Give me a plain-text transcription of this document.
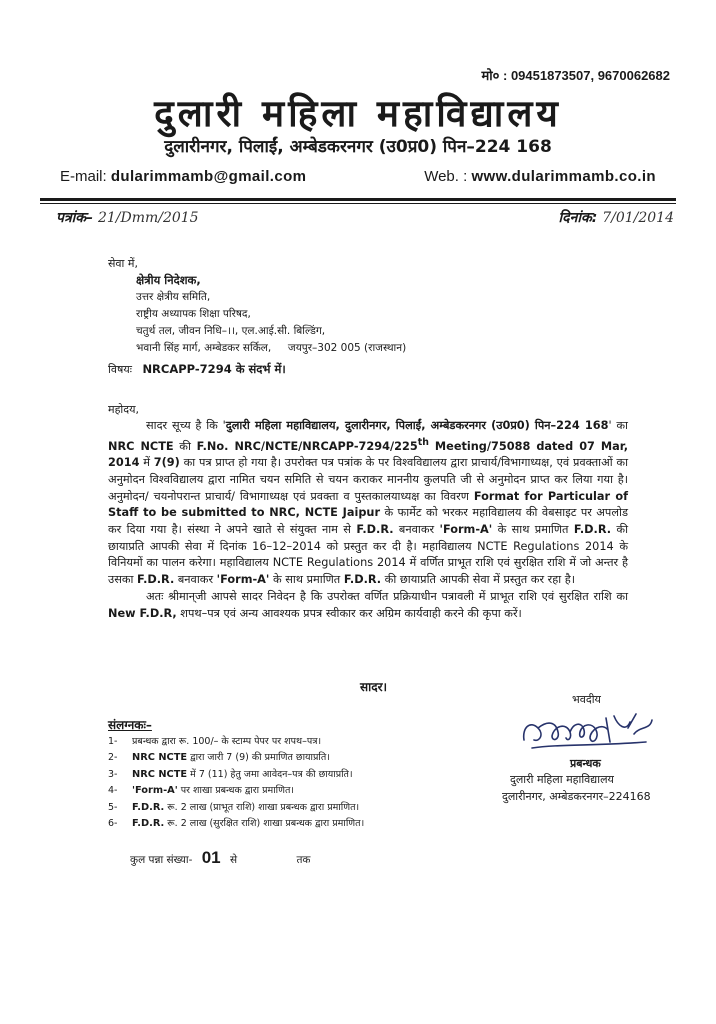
मो० : 09451873507, 9670062682
दुलारी महिला महाविद्यालय
दुलारीनगर, पिलाईं, अम्बेडकरनगर (उ0प्र0) पिन–224 168
E-mail: dularimmamb@gmail.com	Web. : www.dularimmamb.co.in
पत्रांक– 21/Dmm/2015	दिनांक: 7/01/2014
सेवा में,
क्षेत्रीय निदेशक,
उत्तर क्षेत्रीय समिति,
राष्ट्रीय अध्यापक शिक्षा परिषद,
चतुर्थ तल, जीवन निधि–।।, एल.आई.सी. बिल्डिंग,
भवानी सिंह मार्ग, अम्बेडकर सर्किल,     जयपुर–302 005 (राजस्थान)
विषयः NRCAPP-7294 के संदर्भ में।
महोदय,

सादर सूच्य है कि 'दुलारी महिला महाविद्यालय, दुलारीनगर, पिलाईं, अम्बेडकरनगर (उ0प्र0) पिन–224 168' का NRC NCTE की F.No. NRC/NCTE/NRCAPP-7294/225th Meeting/75088 dated 07 Mar, 2014 में 7(9) का पत्र प्राप्त हो गया है। उपरोक्त पत्र पत्रांक के पर विश्वविद्यालय द्वारा प्राचार्य/विभागाध्यक्ष, एवं प्रवक्ताओं का अनुमोदन विश्वविद्यालय द्वारा नामित चयन समिति से चयन कराकर माननीय कुलपति जी से अनुमोदन प्राप्त कर लिया गया है। अनुमोदन/ चयनोपरान्त प्राचार्य/ विभागाध्यक्ष एवं प्रवक्ता व पुस्तकालयाध्यक्ष का विवरण Format for Particular of Staff to be submitted to NRC, NCTE Jaipur के फार्मेट को भरकर महाविद्यालय की वेबसाइट पर अपलोड कर दिया गया है। संस्था ने अपने खाते से संयुक्त नाम से F.D.R. बनवाकर 'Form-A' के साथ प्रमाणित F.D.R. की छायाप्रति आपकी सेवा में दिनांक 16–12–2014 को प्रस्तुत कर दी है। महाविद्यालय NCTE Regulations 2014 के विनियमों का पालन करेगा। महाविद्यालय NCTE Regulations 2014 में वर्णित प्राभूत राशि एवं सुरक्षित राशि में जो अन्तर है उसका F.D.R. बनवाकर 'Form-A' के साथ प्रमाणित F.D.R. की छायाप्रति आपकी सेवा में प्रस्तुत कर रहा है।

अतः श्रीमान्‌जी आपसे सादर निवेदन है कि उपरोक्त वर्णित प्रक्रियाधीन पत्रावली में प्राभूत राशि एवं सुरक्षित राशि का New F.D.R, शपथ–पत्र एवं अन्य आवश्यक प्रपत्र स्वीकार कर अग्रिम कार्यवाही करने की कृपा करें।

सादर।
भवदीय
प्रबन्धक
दुलारी महिला महाविद्यालय
दुलारीनगर, अम्बेडकरनगर–224168
संलग्नकः–
1- प्रबन्धक द्वारा रू. 100/– के स्टाम्प पेपर पर शपथ–पत्र।
2- NRC NCTE द्वारा जारी 7 (9) की प्रमाणित छायाप्रति।
3- NRC NCTE में 7 (11) हेतु जमा आवेदन–पत्र की छायाप्रति।
4- 'Form-A' पर शाखा प्रबन्धक द्वारा प्रमाणित।
5- F.D.R. रू. 2 लाख (प्राभूत राशि) शाखा प्रबन्धक द्वारा प्रमाणित।
6- F.D.R. रू. 2 लाख (सुरक्षित राशि) शाखा प्रबन्धक द्वारा प्रमाणित।
कुल पन्ना संख्या- 01 से	तक
